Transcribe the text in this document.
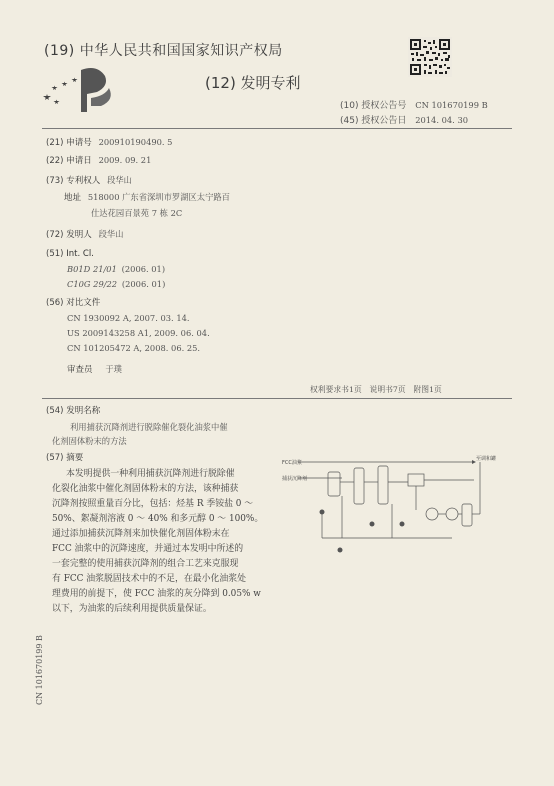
(19) 中华人民共和国国家知识产权局
(12) 发明专利
(10) 授权公告号 CN 101670199 B
(45) 授权公告日 2014. 04. 30
(21) 申请号 200910190490. 5
(22) 申请日 2009. 09. 21
(73) 专利权人 段华山
地址 518000 广东省深圳市罗湖区太宁路百
仕达花园百景苑 7 栋 2C
(72) 发明人 段华山
(51) Int. Cl.
B01D 21/01 (2006. 01)
C10G 29/22 (2006. 01)
(56) 对比文件
CN 1930092 A, 2007. 03. 14.
US 2009143258 A1, 2009. 06. 04.
CN 101205472 A, 2008. 06. 25.
审查员 于璞
权利要求书1页　说明书7页　附图1页
(54) 发明名称
利用捕获沉降剂进行脱除催化裂化油浆中催
化剂固体粉末的方法
(57) 摘要
本发明提供一种利用捕获沉降剂进行脱除催
化裂化油浆中催化剂固体粉末的方法，该种捕获
沉降剂按照重量百分比，包括：烃基 R 季铵盐 0 ～
50%、絮凝剂溶液 0 ～ 40% 和多元醇 0 ～ 100%。
通过添加捕获沉降剂来加快催化剂固体粉末在
FCC 油浆中的沉降速度，并通过本发明中所述的
一套完整的使用捕获沉降剂的组合工艺来克服现
有 FCC 油浆脱固技术中的不足，在最小化油浆处
理费用的前提下，使 FCC 油浆的灰分降到 0.05% w
以下，为油浆的后续利用提供质量保证。
FCC油浆
捕获沉降剂
至调和罐
CN 101670199 B
